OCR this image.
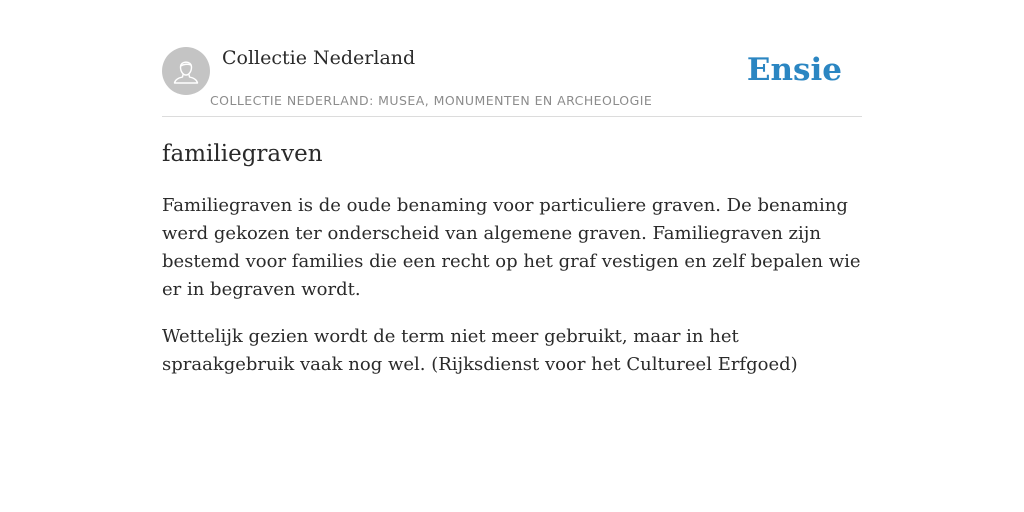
Collectie Nederland
COLLECTIE NEDERLAND: MUSEA, MONUMENTEN EN ARCHEOLOGIE
Ensie
familiegraven

Familiegraven is de oude benaming voor particuliere graven. De benaming werd gekozen ter onderscheid van algemene graven. Familiegraven zijn bestemd voor families die een recht op het graf vestigen en zelf bepalen wie er in begraven wordt.

Wettelijk gezien wordt de term niet meer gebruikt, maar in het spraakgebruik vaak nog wel. (Rijksdienst voor het Cultureel Erfgoed)
